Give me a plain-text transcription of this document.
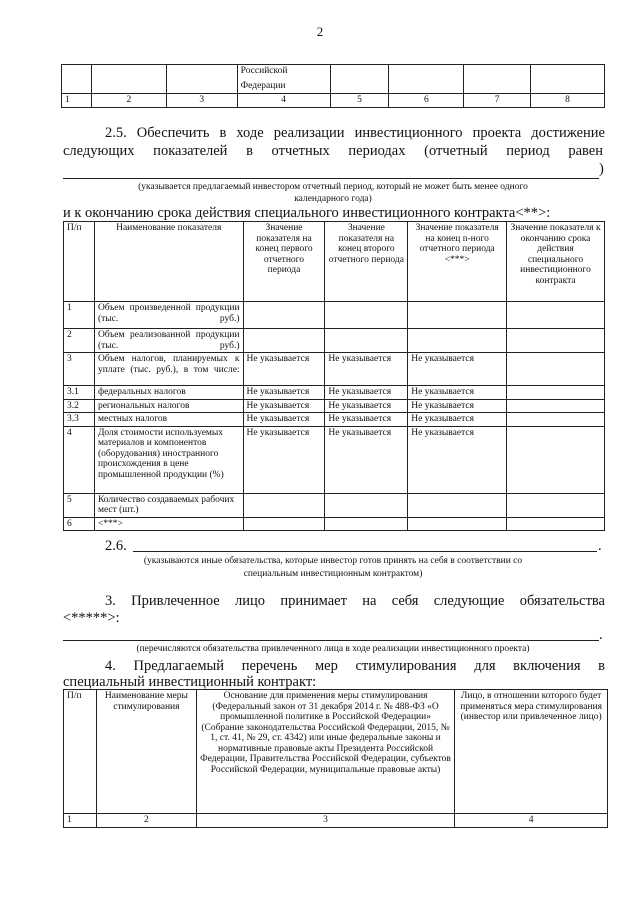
2

			Российской
Федерации				

1	2	3	4	5	6	7	8
2.5. Обеспечить в ходе реализации инвестиционного проекта достижение
следующих показателей в отчетных периодах (отчетный период равен
)
(указывается предлагаемый инвестором отчетный период, который не может быть менее одного
календарного года)
и к окончанию срока действия специального инвестиционного контракта<**>:
П/п	Наименование показателя	Значение показателя на конец первого отчетного периода	Значение показателя на конец второго отчетного периода	Значение показателя на конец n-ного отчетного периода <***>	Значение показателя к окончанию срока действия специального инвестиционного контракта
1	Объем произведенной продукции (тыс. руб.)				
2	Объем реализованной продукции (тыс. руб.)				
3	Объем налогов, планируемых к уплате (тыс. руб.), в том числе:	Не указывается	Не указывается	Не указывается	
3.1	федеральных налогов	Не указывается	Не указывается	Не указывается	
3.2	региональных налогов	Не указывается	Не указывается	Не указывается	
3.3	местных налогов	Не указывается	Не указывается	Не указывается	
4	Доля стоимости используемых материалов и компонентов (оборудования) иностранного происхождения в цене промышленной продукции (%)	Не указывается	Не указывается	Не указывается	
5	Количество создаваемых рабочих мест (шт.)				
6	<***>				
2.6.	.
(указываются иные обязательства, которые инвестор готов принять на себя в соответствии со
специальным инвестиционным контрактом)
3. Привлеченное лицо принимает на себя следующие обязательства
<*****>:
.
(перечисляются обязательства привлеченного лица в ходе реализации инвестиционного проекта)
4. Предлагаемый перечень мер стимулирования для включения в
специальный инвестиционный контракт:
П/п	Наименование меры стимулирования	Основание для применения меры стимулирования (Федеральный закон от 31 декабря 2014 г. № 488-ФЗ «О промышленной политике в Российской Федерации» (Собрание законодательства Российской Федерации, 2015, № 1, ст. 41, № 29, ст. 4342) или иные федеральные законы и нормативные правовые акты Президента Российской Федерации, Правительства Российской Федерации, субъектов Российской Федерации, муниципальные правовые акты)	Лицо, в отношении которого будет применяться мера стимулирования (инвестор или привлеченное лицо)
1	2	3	4
